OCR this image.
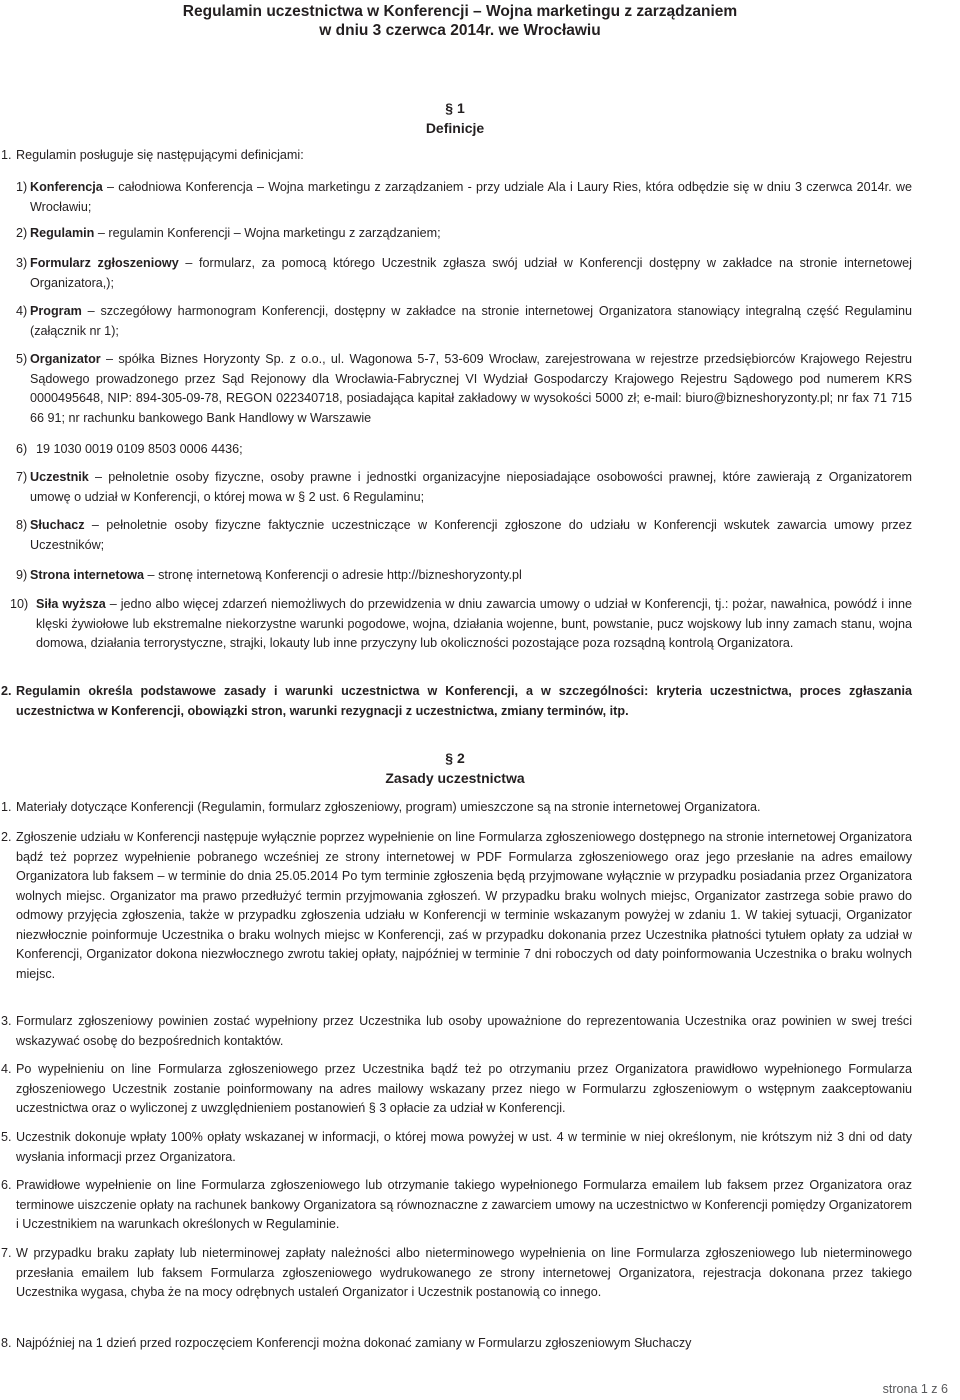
Regulamin uczestnictwa w Konferencji – Wojna marketingu z zarządzaniem
w dniu 3 czerwca 2014r. we Wrocławiu
§ 1
Definicje
1. Regulamin posługuje się następującymi definicjami:
1) Konferencja – całodniowa Konferencja – Wojna marketingu z zarządzaniem - przy udziale Ala i Laury Ries, która odbędzie się w dniu 3 czerwca 2014r. we Wrocławiu;

2) Regulamin – regulamin Konferencji – Wojna marketingu z zarządzaniem;

3) Formularz zgłoszeniowy – formularz, za pomocą którego Uczestnik zgłasza swój udział w Konferencji dostępny w zakładce na stronie internetowej Organizatora,);

4) Program – szczegółowy harmonogram Konferencji, dostępny w zakładce na stronie internetowej Organizatora stanowiący integralną część Regulaminu (załącznik nr 1);

5) Organizator – spółka Biznes Horyzonty Sp. z o.o., ul. Wagonowa 5-7, 53-609 Wrocław, zarejestrowana w rejestrze przedsiębiorców Krajowego Rejestru Sądowego prowadzonego przez Sąd Rejonowy dla Wrocławia-Fabrycznej VI Wydział Gospodarczy Krajowego Rejestru Sądowego pod numerem KRS 0000495648, NIP: 894-305-09-78, REGON 022340718, posiadająca kapitał zakładowy w wysokości 5000 zł; e-mail: biuro@bizneshoryzonty.pl; nr fax 71 715 66 91; nr rachunku bankowego Bank Handlowy w Warszawie

6) 19 1030 0019 0109 8503 0006 4436;

7) Uczestnik – pełnoletnie osoby fizyczne, osoby prawne i jednostki organizacyjne nieposiadające osobowości prawnej, które zawierają z Organizatorem umowę o udział w Konferencji, o której mowa w § 2 ust. 6 Regulaminu;

8) Słuchacz – pełnoletnie osoby fizyczne faktycznie uczestniczące w Konferencji zgłoszone do udziału w Konferencji wskutek zawarcia umowy przez Uczestników;

9) Strona internetowa – stronę internetową Konferencji o adresie http://bizneshoryzonty.pl

10) Siła wyższa – jedno albo więcej zdarzeń niemożliwych do przewidzenia w dniu zawarcia umowy o udział w Konferencji, tj.: pożar, nawałnica, powódź i inne klęski żywiołowe lub ekstremalne niekorzystne warunki pogodowe, wojna, działania wojenne, bunt, powstanie, pucz wojskowy lub inny zamach stanu, wojna domowa, działania terrorystyczne, strajki, lokauty lub inne przyczyny lub okoliczności pozostające poza rozsądną kontrolą Organizatora.

2. Regulamin określa podstawowe zasady i warunki uczestnictwa w Konferencji, a w szczególności: kryteria uczestnictwa, proces zgłaszania uczestnictwa w Konferencji, obowiązki stron, warunki rezygnacji z uczestnictwa, zmiany terminów, itp.

§ 2
Zasady uczestnictwa
1. Materiały dotyczące Konferencji (Regulamin, formularz zgłoszeniowy, program) umieszczone są na stronie internetowej Organizatora.

2. Zgłoszenie udziału w Konferencji następuje wyłącznie poprzez wypełnienie on line Formularza zgłoszeniowego dostępnego na stronie internetowej Organizatora bądź też poprzez wypełnienie pobranego wcześniej ze strony internetowej w PDF Formularza zgłoszeniowego oraz jego przesłanie na adres emailowy Organizatora lub faksem – w terminie do dnia 25.05.2014 Po tym terminie zgłoszenia będą przyjmowane wyłącznie w przypadku posiadania przez Organizatora wolnych miejsc. Organizator ma prawo przedłużyć termin przyjmowania zgłoszeń. W przypadku braku wolnych miejsc, Organizator zastrzega sobie prawo do odmowy przyjęcia zgłoszenia, także w przypadku zgłoszenia udziału w Konferencji w terminie wskazanym powyżej w zdaniu 1. W takiej sytuacji, Organizator niezwłocznie poinformuje Uczestnika o braku wolnych miejsc w Konferencji, zaś w przypadku dokonania przez Uczestnika płatności tytułem opłaty za udział w Konferencji, Organizator dokona niezwłocznego zwrotu takiej opłaty, najpóźniej w terminie 7 dni roboczych od daty poinformowania Uczestnika o braku wolnych miejsc.

3. Formularz zgłoszeniowy powinien zostać wypełniony przez Uczestnika lub osoby upoważnione do reprezentowania Uczestnika oraz powinien w swej treści wskazywać osobę do bezpośrednich kontaktów.

4. Po wypełnieniu on line Formularza zgłoszeniowego przez Uczestnika bądź też po otrzymaniu przez Organizatora prawidłowo wypełnionego Formularza zgłoszeniowego Uczestnik zostanie poinformowany na adres mailowy wskazany przez niego w Formularzu zgłoszeniowym o wstępnym zaakceptowaniu uczestnictwa oraz o wyliczonej z uwzględnieniem postanowień § 3 opłacie za udział w Konferencji.

5. Uczestnik dokonuje wpłaty 100% opłaty wskazanej w informacji, o której mowa powyżej w ust. 4 w terminie w niej określonym, nie krótszym niż 3 dni od daty wysłania informacji przez Organizatora.

6. Prawidłowe wypełnienie on line Formularza zgłoszeniowego lub otrzymanie takiego wypełnionego Formularza emailem lub faksem przez Organizatora oraz terminowe uiszczenie opłaty na rachunek bankowy Organizatora są równoznaczne z zawarciem umowy na uczestnictwo w Konferencji pomiędzy Organizatorem i Uczestnikiem na warunkach określonych w Regulaminie.

7. W przypadku braku zapłaty lub nieterminowej zapłaty należności albo nieterminowego wypełnienia on line Formularza zgłoszeniowego lub nieterminowego przesłania emailem lub faksem Formularza zgłoszeniowego wydrukowanego ze strony internetowej Organizatora, rejestracja dokonana przez takiego Uczestnika wygasa, chyba że na mocy odrębnych ustaleń Organizator i Uczestnik postanowią co innego.

8. Najpóźniej na 1 dzień przed rozpoczęciem Konferencji można dokonać zamiany w Formularzu zgłoszeniowym Słuchaczy

strona 1 z 6
